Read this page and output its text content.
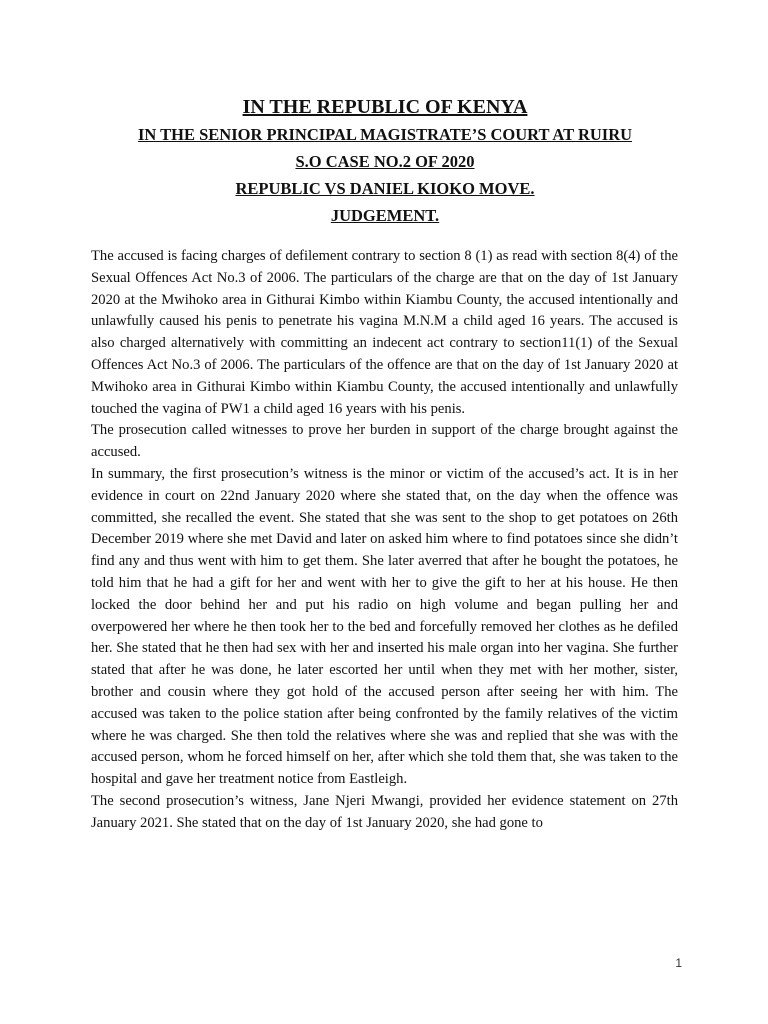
IN THE REPUBLIC OF KENYA

IN THE SENIOR PRINCIPAL MAGISTRATE’S COURT AT RUIRU

S.O CASE NO.2 OF 2020

REPUBLIC VS DANIEL KIOKO MOVE.

JUDGEMENT.

The accused is facing charges of defilement contrary to section 8 (1) as read with section 8(4) of the Sexual Offences Act No.3 of 2006. The particulars of the charge are that on the day of 1st January 2020 at the Mwihoko area in Githurai Kimbo within Kiambu County, the accused intentionally and unlawfully caused his penis to penetrate his vagina M.N.M a child aged 16 years. The accused is also charged alternatively with committing an indecent act contrary to section11(1) of the Sexual Offences Act No.3 of 2006. The particulars of the offence are that on the day of 1st January 2020 at Mwihoko area in Githurai Kimbo within Kiambu County, the accused intentionally and unlawfully touched the vagina of PW1 a child aged 16 years with his penis.

The prosecution called witnesses to prove her burden in support of the charge brought against the accused.

In summary, the first prosecution’s witness is the minor or victim of the accused’s act. It is in her evidence in court on 22nd January 2020 where she stated that, on the day when the offence was committed, she recalled the event. She stated that she was sent to the shop to get potatoes on 26th December 2019 where she met David and later on asked him where to find potatoes since she didn’t find any and thus went with him to get them. She later averred that after he bought the potatoes, he told him that he had a gift for her and went with her to give the gift to her at his house. He then locked the door behind her and put his radio on high volume and began pulling her and overpowered her where he then took her to the bed and forcefully removed her clothes as he defiled her. She stated that he then had sex with her and inserted his male organ into her vagina. She further stated that after he was done, he later escorted her until when they met with her mother, sister, brother and cousin where they got hold of the accused person after seeing her with him. The accused was taken to the police station after being confronted by the family relatives of the victim where he was charged. She then told the relatives where she was and replied that she was with the accused person, whom he forced himself on her, after which she told them that, she was taken to the hospital and gave her treatment notice from Eastleigh.

The second prosecution’s witness, Jane Njeri Mwangi, provided her evidence statement on 27th January 2021. She stated that on the day of 1st January 2020, she had gone to

1
